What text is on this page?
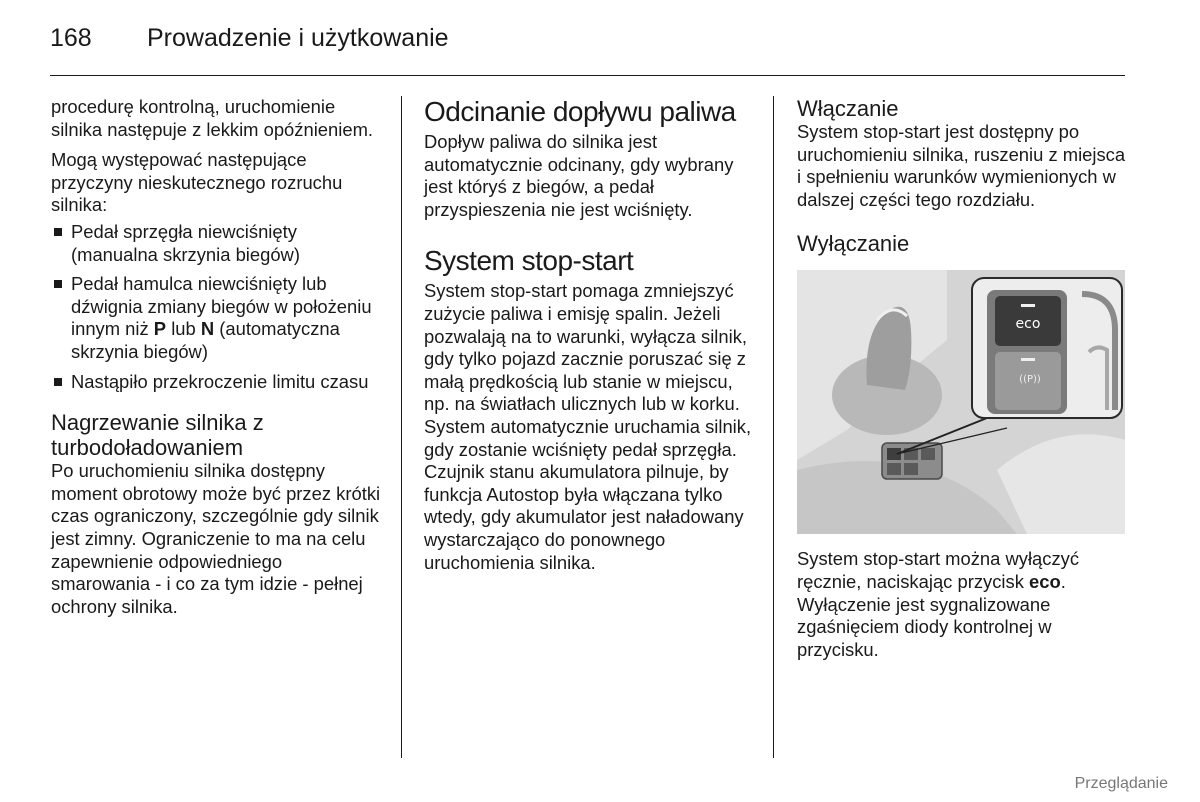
168 Prowadzenie i użytkowanie

procedurę kontrolną, uruchomienie silnika następuje z lekkim opóźnieniem.

Mogą występować następujące przyczyny nieskutecznego rozruchu silnika:

Pedał sprzęgła niewciśnięty (manualna skrzynia biegów)
Pedał hamulca niewciśnięty lub dźwignia zmiany biegów w położeniu innym niż P lub N (automatyczna skrzynia biegów)
Nastąpiło przekroczenie limitu czasu
Nagrzewanie silnika z turbodoładowaniem

Po uruchomieniu silnika dostępny moment obrotowy może być przez krótki czas ograniczony, szczególnie gdy silnik jest zimny. Ograniczenie to ma na celu zapewnienie odpowiedniego smarowania - i co za tym idzie - pełnej ochrony silnika.

Odcinanie dopływu paliwa

Dopływ paliwa do silnika jest automatycznie odcinany, gdy wybrany jest któryś z biegów, a pedał przyspieszenia nie jest wciśnięty.

System stop-start

System stop-start pomaga zmniejszyć zużycie paliwa i emisję spalin. Jeżeli pozwalają na to warunki, wyłącza silnik, gdy tylko pojazd zacznie poruszać się z małą prędkością lub stanie w miejscu, np. na światłach ulicznych lub w korku. System automatycznie uruchamia silnik, gdy zostanie wciśnięty pedał sprzęgła. Czujnik stanu akumulatora pilnuje, by funkcja Autostop była włączana tylko wtedy, gdy akumulator jest naładowany wystarczająco do ponownego uruchomienia silnika.

Włączanie

System stop-start jest dostępny po uruchomieniu silnika, ruszeniu z miejsca i spełnieniu warunków wymienionych w dalszej części tego rozdziału.

Wyłączanie
eco
((P))

System stop-start można wyłączyć ręcznie, naciskając przycisk eco. Wyłączenie jest sygnalizowane zgaśnięciem diody kontrolnej w przycisku.

Przeglądanie
